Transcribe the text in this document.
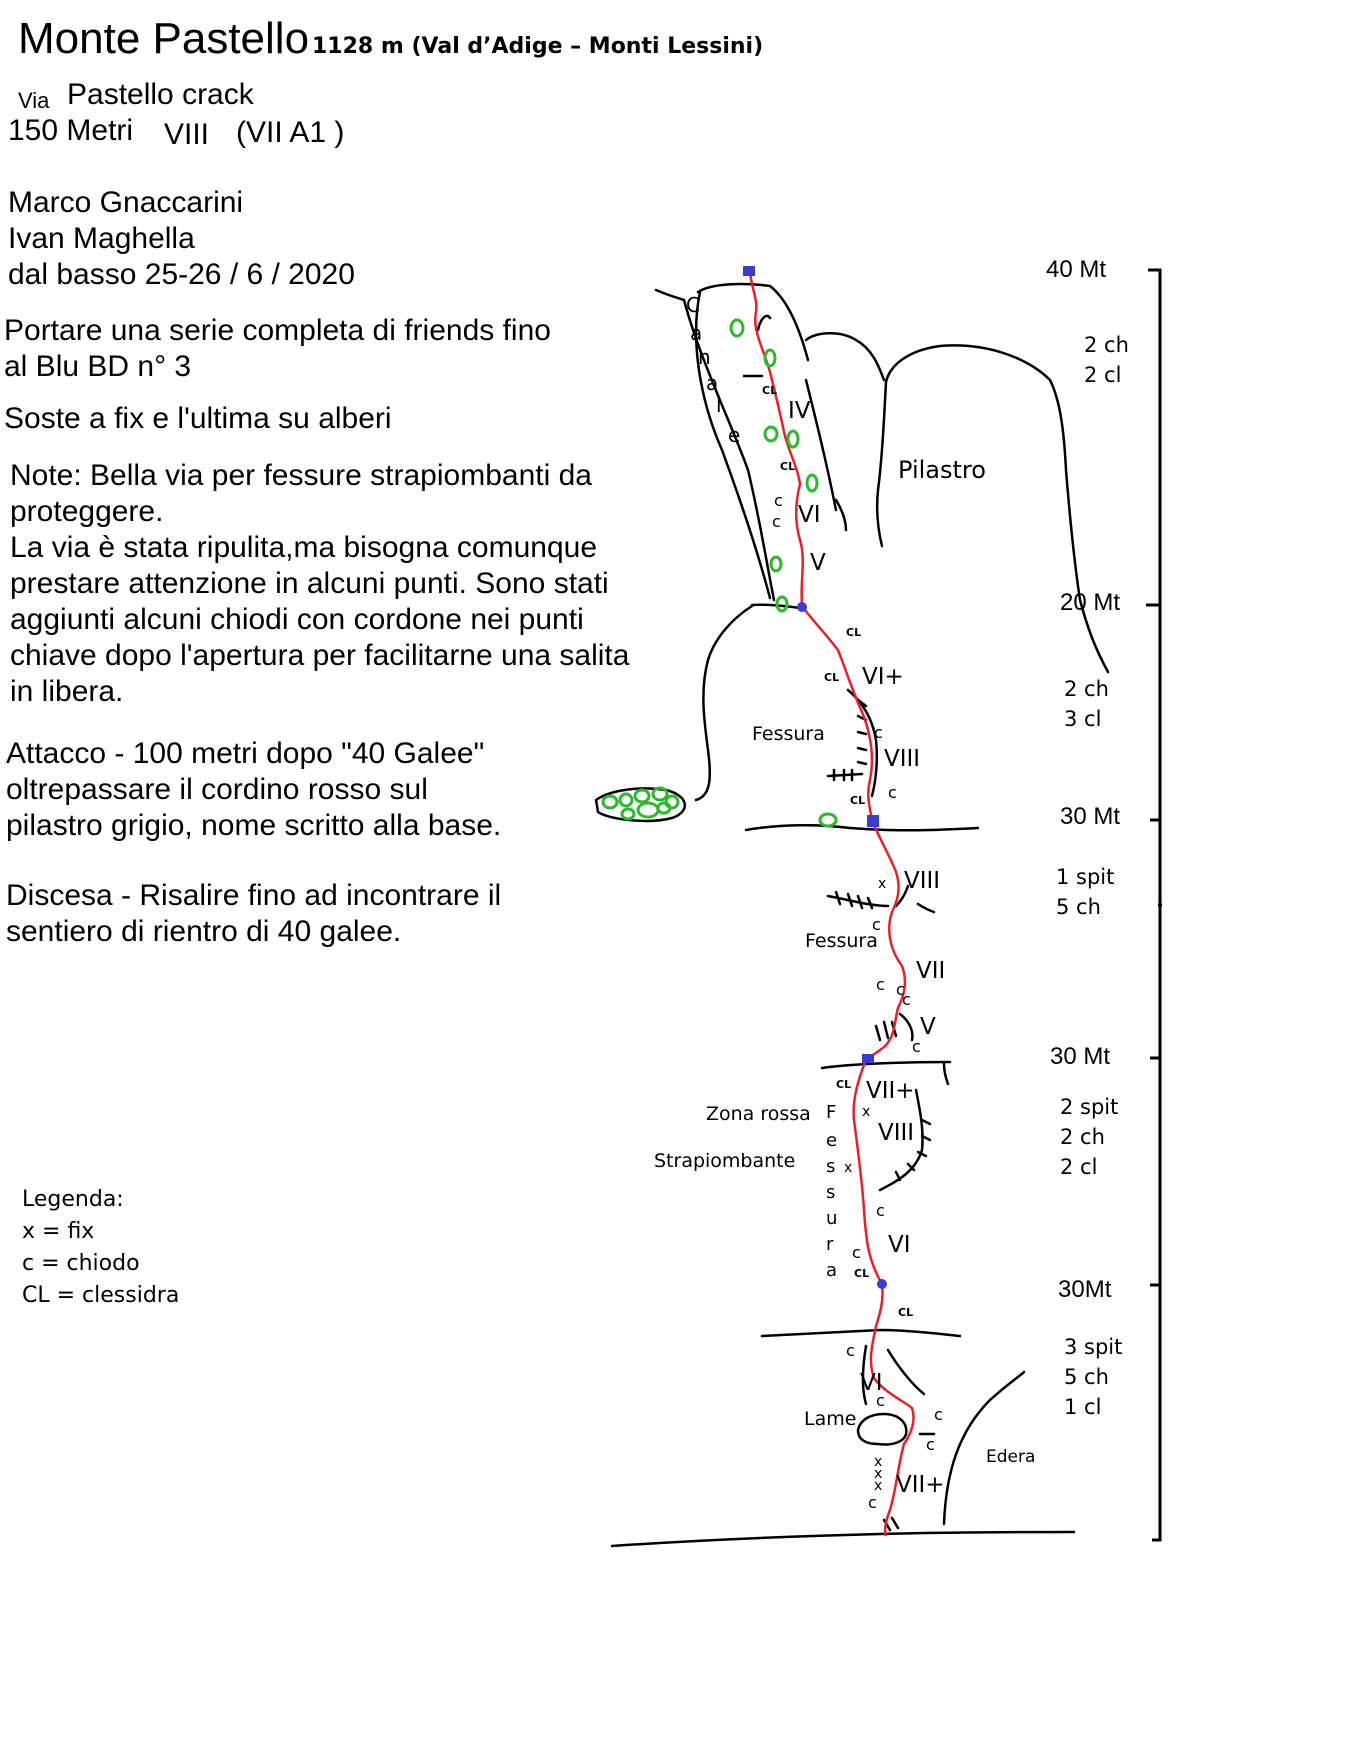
Monte Pastello 1128 m (Val d’Adige – Monti Lessini)
Via Pastello crack
150 Metri VIII (VII A1 )
Marco Gnaccarini
Ivan Maghella
dal basso 25-26 / 6 / 2020
Portare una serie completa di friends fino
al Blu BD n° 3
Soste a fix e l'ultima su alberi
Note: Bella via per fessure strapiombanti da
proteggere.
La via è stata ripulita,ma bisogna comunque
prestare attenzione in alcuni punti. Sono stati
aggiunti alcuni chiodi con cordone nei punti
chiave dopo l'apertura per facilitarne una salita
in libera.
Attacco - 100 metri dopo "40 Galee"
oltrepassare il cordino rosso sul
pilastro grigio, nome scritto alla base.
Discesa - Risalire fino ad incontrare il
sentiero di rientro di 40 galee.
Legenda:
x = fix
c = chiodo
CL = clessidra
40 Mt
2 ch
2 cl
20 Mt
2 ch
3 cl
30 Mt
1 spit
5 ch
30 Mt
2 spit
2 ch
2 cl
30Mt
3 spit
5 ch
1 cl
C
a
n
a
l
e
Pilastro
Fessura
Fessura
Zona rossa
Strapiombante
Lame
Edera
F
e
s
s
u
r
a
IV
VI
V
VI+
VIII
VIII
VII
V
VII+
VIII
VI
VI
VII+
CL
CL
CL
CL
CL
CL
CL
CL
c
c
c
c
c
c c
c
c
c
c
c
c
c
c
c
x
x
x
x
x
x
